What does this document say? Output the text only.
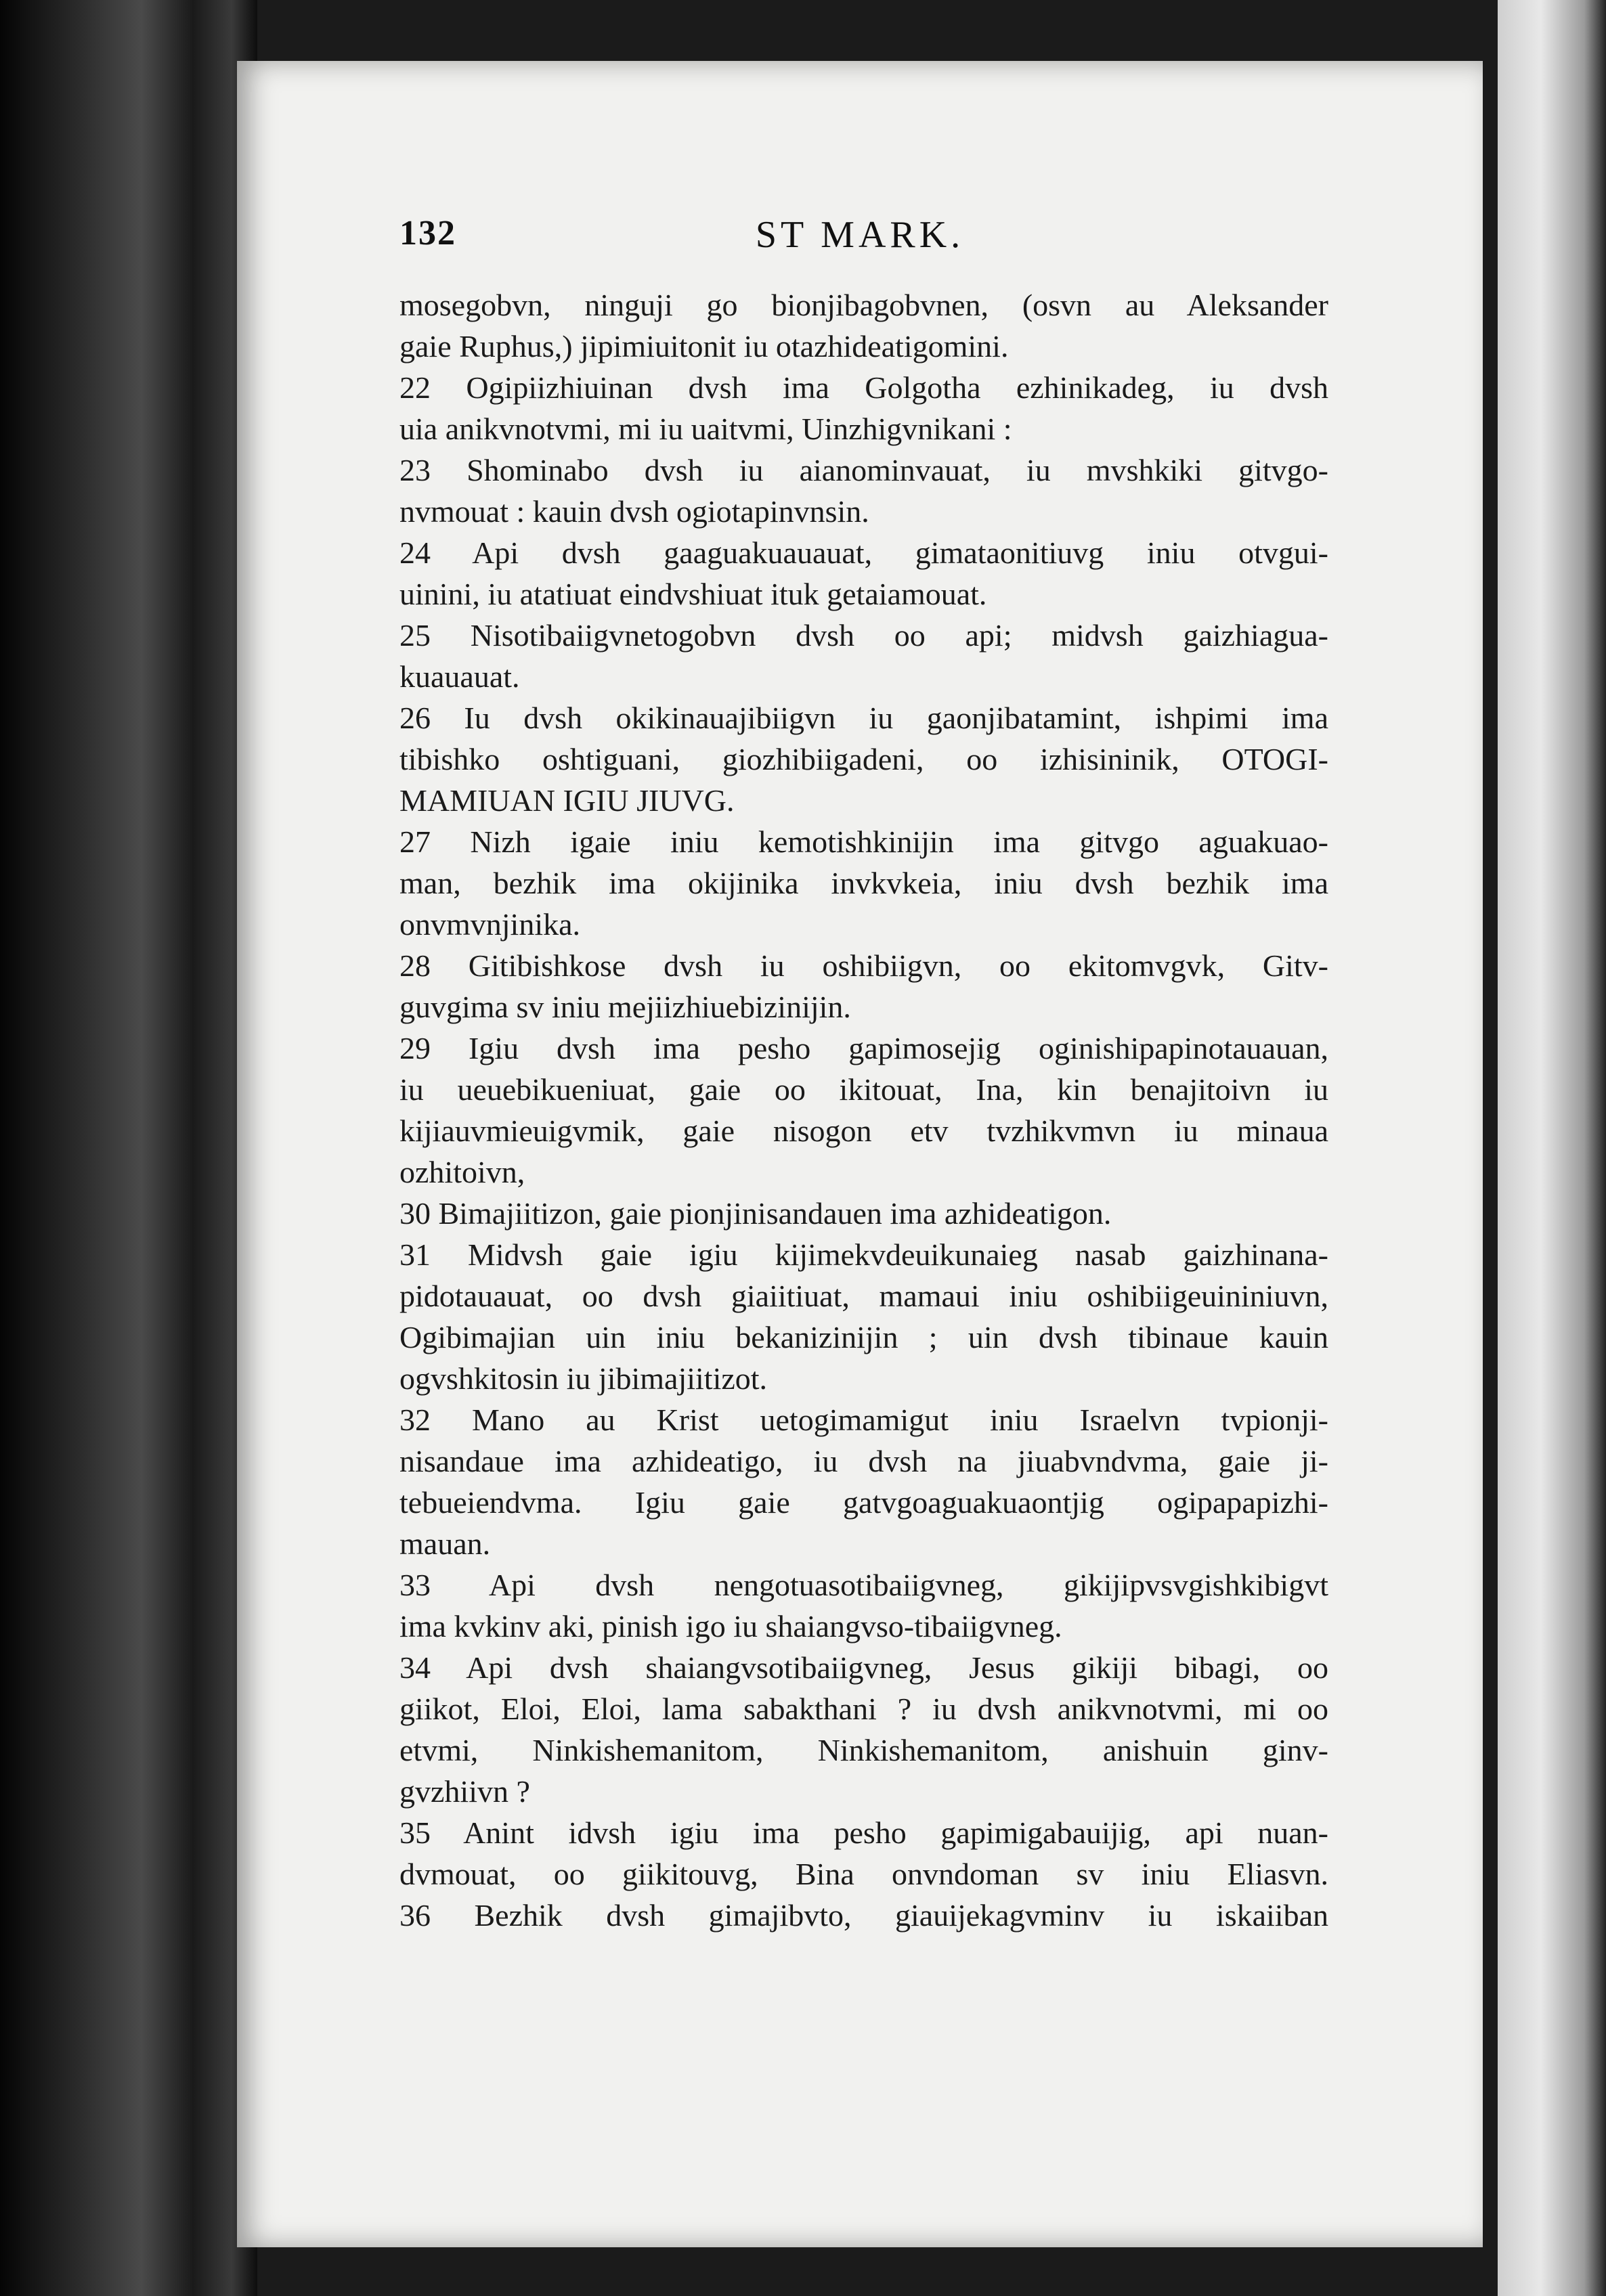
132	ST MARK.
mosegobvn, ninguji go bionjibagobvnen, (osvn au Aleksander
gaie Ruphus,) jipimiuitonit iu otazhideatigomini.
22 Ogipiizhiuinan dvsh ima Golgotha ezhinikadeg, iu dvsh
uia anikvnotvmi, mi iu uaitvmi, Uinzhigvnikani :
23 Shominabo dvsh iu aianominvauat, iu mvshkiki gitvgo-
nvmouat : kauin dvsh ogiotapinvnsin.
24 Api dvsh gaaguakuauauat, gimataonitiuvg iniu otvgui-
uinini, iu atatiuat eindvshiuat ituk getaiamouat.
25 Nisotibaiigvnetogobvn dvsh oo api; midvsh gaizhiagua-
kuauauat.
26 Iu dvsh okikinauajibiigvn iu gaonjibatamint, ishpimi ima
tibishko oshtiguani, giozhibiigadeni, oo izhisininik, OTOGI-
MAMIUAN IGIU JIUVG.
27 Nizh igaie iniu kemotishkinijin ima gitvgo aguakuao-
man, bezhik ima okijinika invkvkeia, iniu dvsh bezhik ima
onvmvnjinika.
28 Gitibishkose dvsh iu oshibiigvn, oo ekitomvgvk, Gitv-
guvgima sv iniu mejiizhiuebizinijin.
29 Igiu dvsh ima pesho gapimosejig oginishipapinotauauan,
iu ueuebikueniuat, gaie oo ikitouat, Ina, kin benajitoivn iu
kijiauvmieuigvmik, gaie nisogon etv tvzhikvmvn iu minaua
ozhitoivn,
30 Bimajiitizon, gaie pionjinisandauen ima azhideatigon.
31 Midvsh gaie igiu kijimekvdeuikunaieg nasab gaizhinana-
pidotauauat, oo dvsh giaiitiuat, mamaui iniu oshibiigeuininiuvn,
Ogibimajian uin iniu bekanizinijin ; uin dvsh tibinaue kauin
ogvshkitosin iu jibimajiitizot.
32 Mano au Krist uetogimamigut iniu Israelvn tvpionji-
nisandaue ima azhideatigo, iu dvsh na jiuabvndvma, gaie ji-
tebueiendvma. Igiu gaie gatvgoaguakuaontjig ogipapapizhi-
mauan.
33 Api dvsh nengotuasotibaiigvneg, gikijipvsvgishkibigvt
ima kvkinv aki, pinish igo iu shaiangvso-tibaiigvneg.
34 Api dvsh shaiangvsotibaiigvneg, Jesus gikiji bibagi, oo
giikot, Eloi, Eloi, lama sabakthani ? iu dvsh anikvnotvmi, mi oo
etvmi, Ninkishemanitom, Ninkishemanitom, anishuin ginv-
gvzhiivn ?
35 Anint idvsh igiu ima pesho gapimigabauijig, api nuan-
dvmouat, oo giikitouvg, Bina onvndoman sv iniu Eliasvn.
36 Bezhik dvsh gimajibvto, giauijekagvminv iu iskaiiban
